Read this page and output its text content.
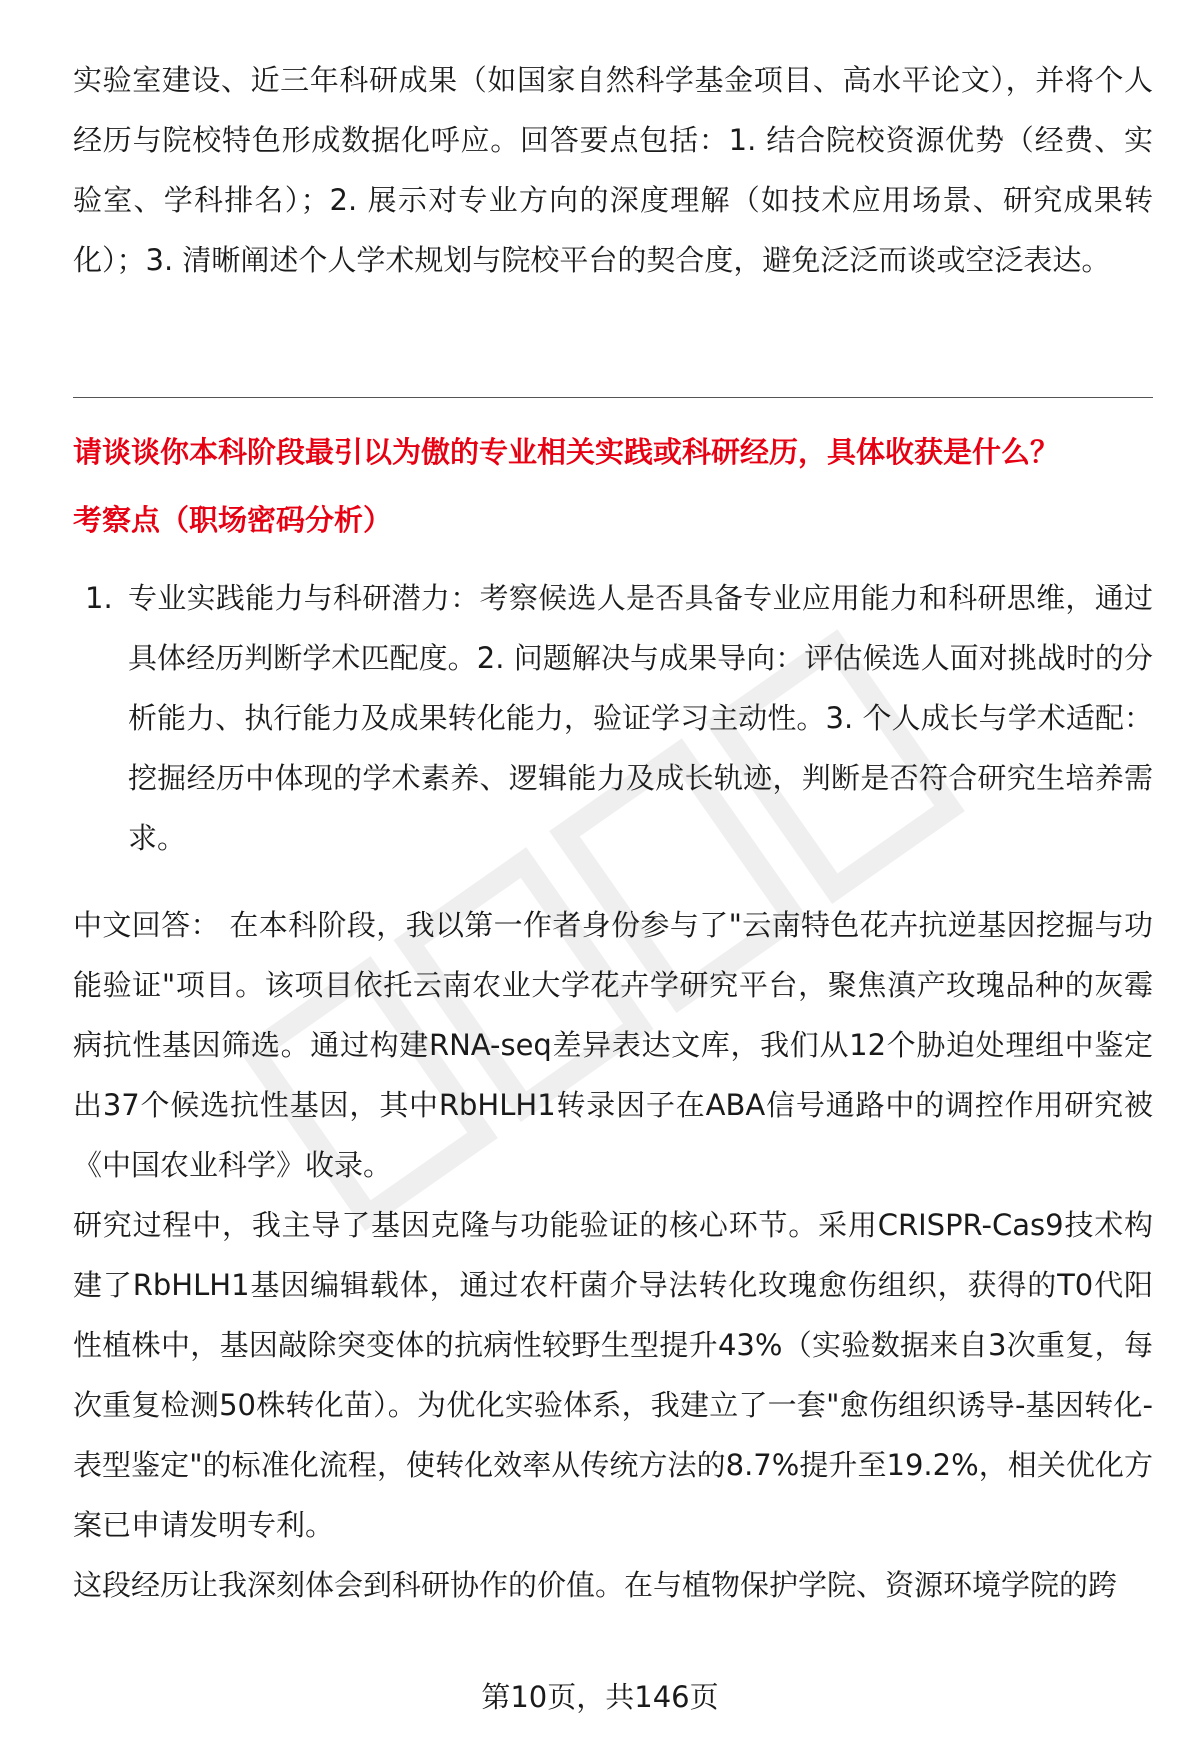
实验室建设、近三年科研成果（如国家自然科学基金项目、高水平论文），并将个人经历与院校特色形成数据化呼应。回答要点包括：1. 结合院校资源优势（经费、实验室、学科排名）；2. 展示对专业方向的深度理解（如技术应用场景、研究成果转化）；3. 清晰阐述个人学术规划与院校平台的契合度，避免泛泛而谈或空泛表达。

请谈谈你本科阶段最引以为傲的专业相关实践或科研经历，具体收获是什么？

考察点（职场密码分析）

1. 专业实践能力与科研潜力：考察候选人是否具备专业应用能力和科研思维，通过具体经历判断学术匹配度。2. 问题解决与成果导向：评估候选人面对挑战时的分析能力、执行能力及成果转化能力，验证学习主动性。3. 个人成长与学术适配：挖掘经历中体现的学术素养、逻辑能力及成长轨迹，判断是否符合研究生培养需求。

中文回答： 在本科阶段，我以第一作者身份参与了"云南特色花卉抗逆基因挖掘与功能验证"项目。该项目依托云南农业大学花卉学研究平台，聚焦滇产玫瑰品种的灰霉病抗性基因筛选。通过构建RNA-seq差异表达文库，我们从12个胁迫处理组中鉴定出37个候选抗性基因，其中RbHLH1转录因子在ABA信号通路中的调控作用研究被《中国农业科学》收录。

研究过程中，我主导了基因克隆与功能验证的核心环节。采用CRISPR-Cas9技术构建了RbHLH1基因编辑载体，通过农杆菌介导法转化玫瑰愈伤组织，获得的T0代阳性植株中，基因敲除突变体的抗病性较野生型提升43%（实验数据来自3次重复，每次重复检测50株转化苗）。为优化实验体系，我建立了一套"愈伤组织诱导-基因转化-表型鉴定"的标准化流程，使转化效率从传统方法的8.7%提升至19.2%，相关优化方案已申请发明专利。

这段经历让我深刻体会到科研协作的价值。在与植物保护学院、资源环境学院的跨

第10页，共146页
